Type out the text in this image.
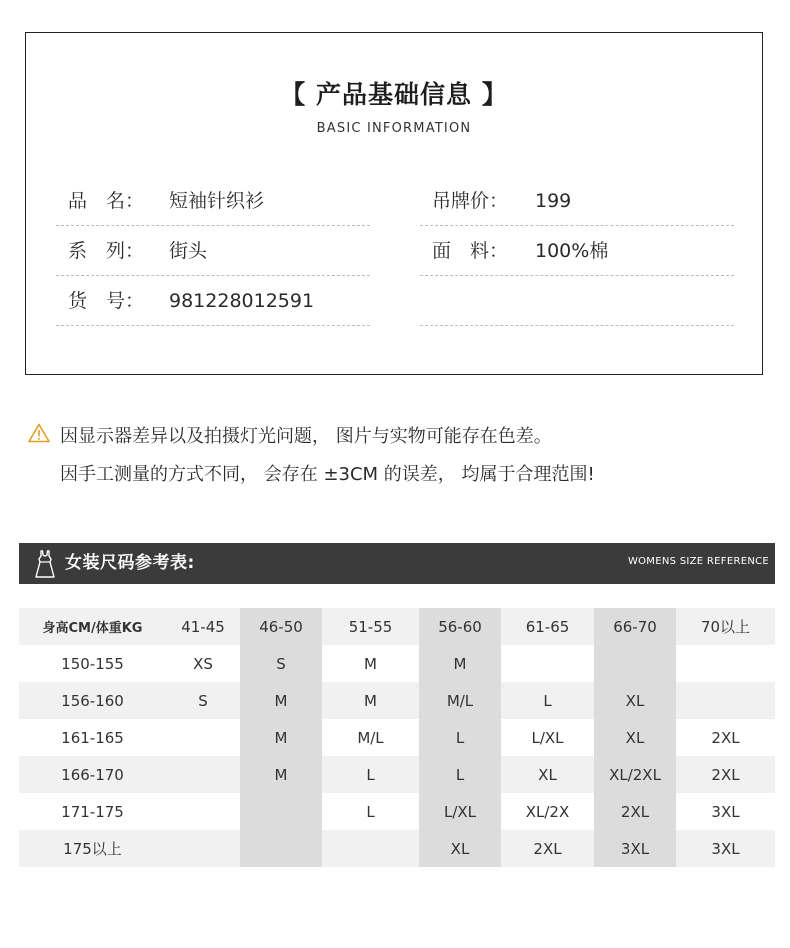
【 产品基础信息 】
BASIC INFORMATION
品　名： 短袖针织衫
系　列： 街头
货　号： 981228012591
吊牌价： 199
面　料： 100%棉
因显示器差异以及拍摄灯光问题， 图片与实物可能存在色差。
因手工测量的方式不同， 会存在 ±3CM 的误差， 均属于合理范围!
女装尺码参考表:	WOMENS SIZE REFERENCE
身高CM/体重KG	41-45	46-50	51-55	56-60	61-65	66-70	70以上
150-155	XS	S	M	M			
156-160	S	M	M	M/L	L	XL	
161-165		M	M/L	L	L/XL	XL	2XL
166-170		M	L	L	XL	XL/2XL	2XL
171-175			L	L/XL	XL/2X	2XL	3XL
175以上				XL	2XL	3XL	3XL
